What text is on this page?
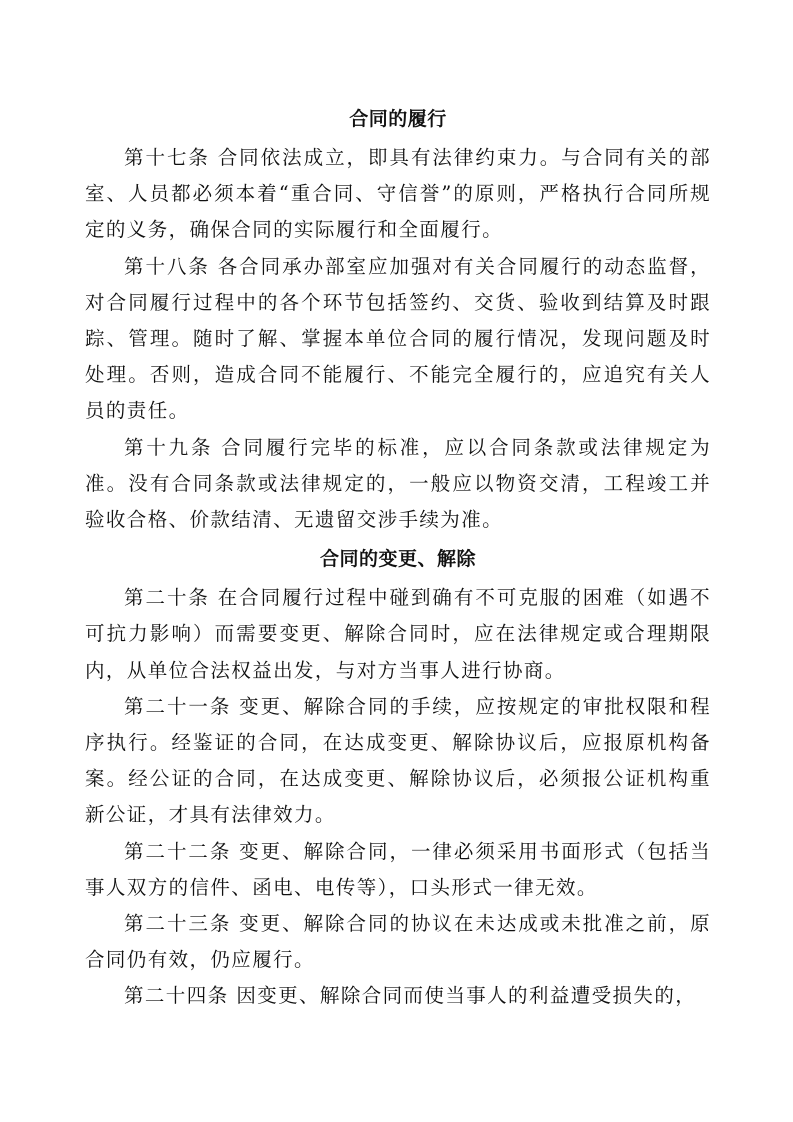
合同的履行

第十七条 合同依法成立，即具有法律约束力。与合同有关的部室、人员都必须本着“重合同、守信誉”的原则，严格执行合同所规定的义务，确保合同的实际履行和全面履行。

第十八条 各合同承办部室应加强对有关合同履行的动态监督，对合同履行过程中的各个环节包括签约、交货、验收到结算及时跟踪、管理。随时了解、掌握本单位合同的履行情况，发现问题及时处理。否则，造成合同不能履行、不能完全履行的，应追究有关人员的责任。

第十九条 合同履行完毕的标准，应以合同条款或法律规定为准。没有合同条款或法律规定的，一般应以物资交清，工程竣工并验收合格、价款结清、无遗留交涉手续为准。

合同的变更、解除

第二十条 在合同履行过程中碰到确有不可克服的困难（如遇不可抗力影响）而需要变更、解除合同时，应在法律规定或合理期限内，从单位合法权益出发，与对方当事人进行协商。

第二十一条 变更、解除合同的手续，应按规定的审批权限和程序执行。经鉴证的合同，在达成变更、解除协议后，应报原机构备案。经公证的合同，在达成变更、解除协议后，必须报公证机构重新公证，才具有法律效力。

第二十二条 变更、解除合同，一律必须采用书面形式（包括当事人双方的信件、函电、电传等），口头形式一律无效。

第二十三条 变更、解除合同的协议在未达成或未批准之前，原合同仍有效，仍应履行。

第二十四条 因变更、解除合同而使当事人的利益遭受损失的，
